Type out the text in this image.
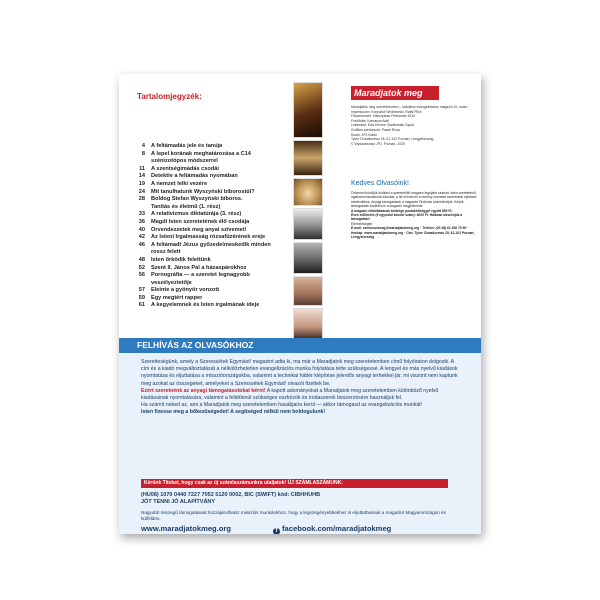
Tartalomjegyzék:
4 A feltámadás jele és tanúja
8 A lepel korának meghatározása a C14
szénizotópos módszerrel
11 A szentségimádás csodái
14 Detektív a feltámadás nyomában
19 A nemzet lelki vezére
24 Mit tanulhatunk Wyszyński bíborostól?
28 Boldog Stefan Wyszyński bíboros.
Tanítás és életmű (1. rész)
33 A relativizmus diktatúrája (3. rész)
36 Magdi Isten szeretetének élő csodája
40 Örvendezzetek meg anyai szívemet!
42 Az Isteni Irgalmasság rózsafüzérének ereje
46 A feltámadt Jézus győzedelmeskedik minden
rossz felett
48 Isten őrködik felettünk
52 Szent II. János Pál a házaspárokhoz
56 Pornográfia — a szeretet legnagyobb
veszélyeztetője
57 Eleinte a gyönyör vonzott
59 Egy megtért rapper
61 A kegyelemnek és Isten irgalmának ideje
Maradjatok meg
szeretetemben
Maradjatok meg szeretetemben – katolikus evangelizációs magazin 10. szám
Impresszum: Krzysztof Wróblewski, Rafał Pilch
Főszerkesztő: Mieczysław Piotrowski SChr
Fordította: Kamasza Adél
Lektorálta: Kiss Emese, Bartkowiak Gyula
Grafikai szerkesztő: Paweł Rosa
Kiadó: JP2 Kiadó
Tylne Chwaliszewo 25, 61-103 Poznań, Lengyelország
© Wydawnictwo JP2, Poznań, 2025
Kedves Olvasóink!
Örömmel közöljük önökkel a szeretetöltő magazin legújabb számát. Isten szeretetéről, irgalmáról tanúskodó írásokat, a hit örömét és a remény üzenetét szeretnénk eljuttatni mindenkihez. Anyagi támogatásuk a magazint Önöknek köszönhetjük. Kérjük, támogassák továbbra is a magazin megjelenését.
A magazin előállításának költsége postaköltséggel együtt 850 Ft.
Éves előfizetés (5 egymást követő szám): 4000 Ft. Hálásan köszönjük a támogatást!
Elérhetőségek:
E-mail: szerkesztoseg@maradjatokmeg.org · Telefon: (00 48) 61 306 79 90 · Honlap: www.maradjatokmeg.org · Cím: Tylne Chwaliszewo 25, 61-103 Poznań, Lengyelország
FELHÍVÁS AZ OLVASÓKHOZ
Szeretteségünk, amely a Szeressétek Egymást! magazint adta ki, ma már a Maradjatok meg szeretetemben című folyóiraton dolgozik. A cím és a kiadó megváltoztatását a nélkülözhetetlen evangelizációs munka folytatása tette szükségessé. A lengyel és más nyelvű kiadások nyomtatása és eljuttatása a misszióországokba, valamint a technikai háttér kiépítése jelentős anyagi terhekkel jár, mi viszont nem kaptunk meg azokat az összegeket, amelyeket a Szeressétek Egymást! olvasói fizettek be.
Ezért szeretnénk az anyagi támogatásotokat kérni! A kapott adományokat a Maradjatok meg szeretetemben különböző nyelvű kiadásainak nyomtatására, valamint a feltétlenül szükséges eszközök és irodaszerek beszerzésére használjuk fel.
Ha számít neked az, ami a Maradjatok meg szeretetemben hasábjaira kerül — akkor támogasd az evangelizációs munkát!
Isten fizesse meg a bőkezűségedet! A segítséged nélkül nem boldogulunk!
Kérünk Titeket, hogy csak az új számlaszámunkra utaljatok! ÚJ SZÁMLASZÁMUNK:
(HU08) 1070 0440 7227 7052 5120 0002, BIC (SWIFT) kód: CIBHHUHB
JÓT TENNI JÓ ALAPÍTVÁNY
Nagyobb összegű támogatással hozzájárulhatsz missziós munkánkhoz, hogy a legszegényebbekhez is eljuttathassuk a magazint Magyarországon és külföldön.
www.maradjatokmeg.org	f facebook.com/maradjatokmeg
